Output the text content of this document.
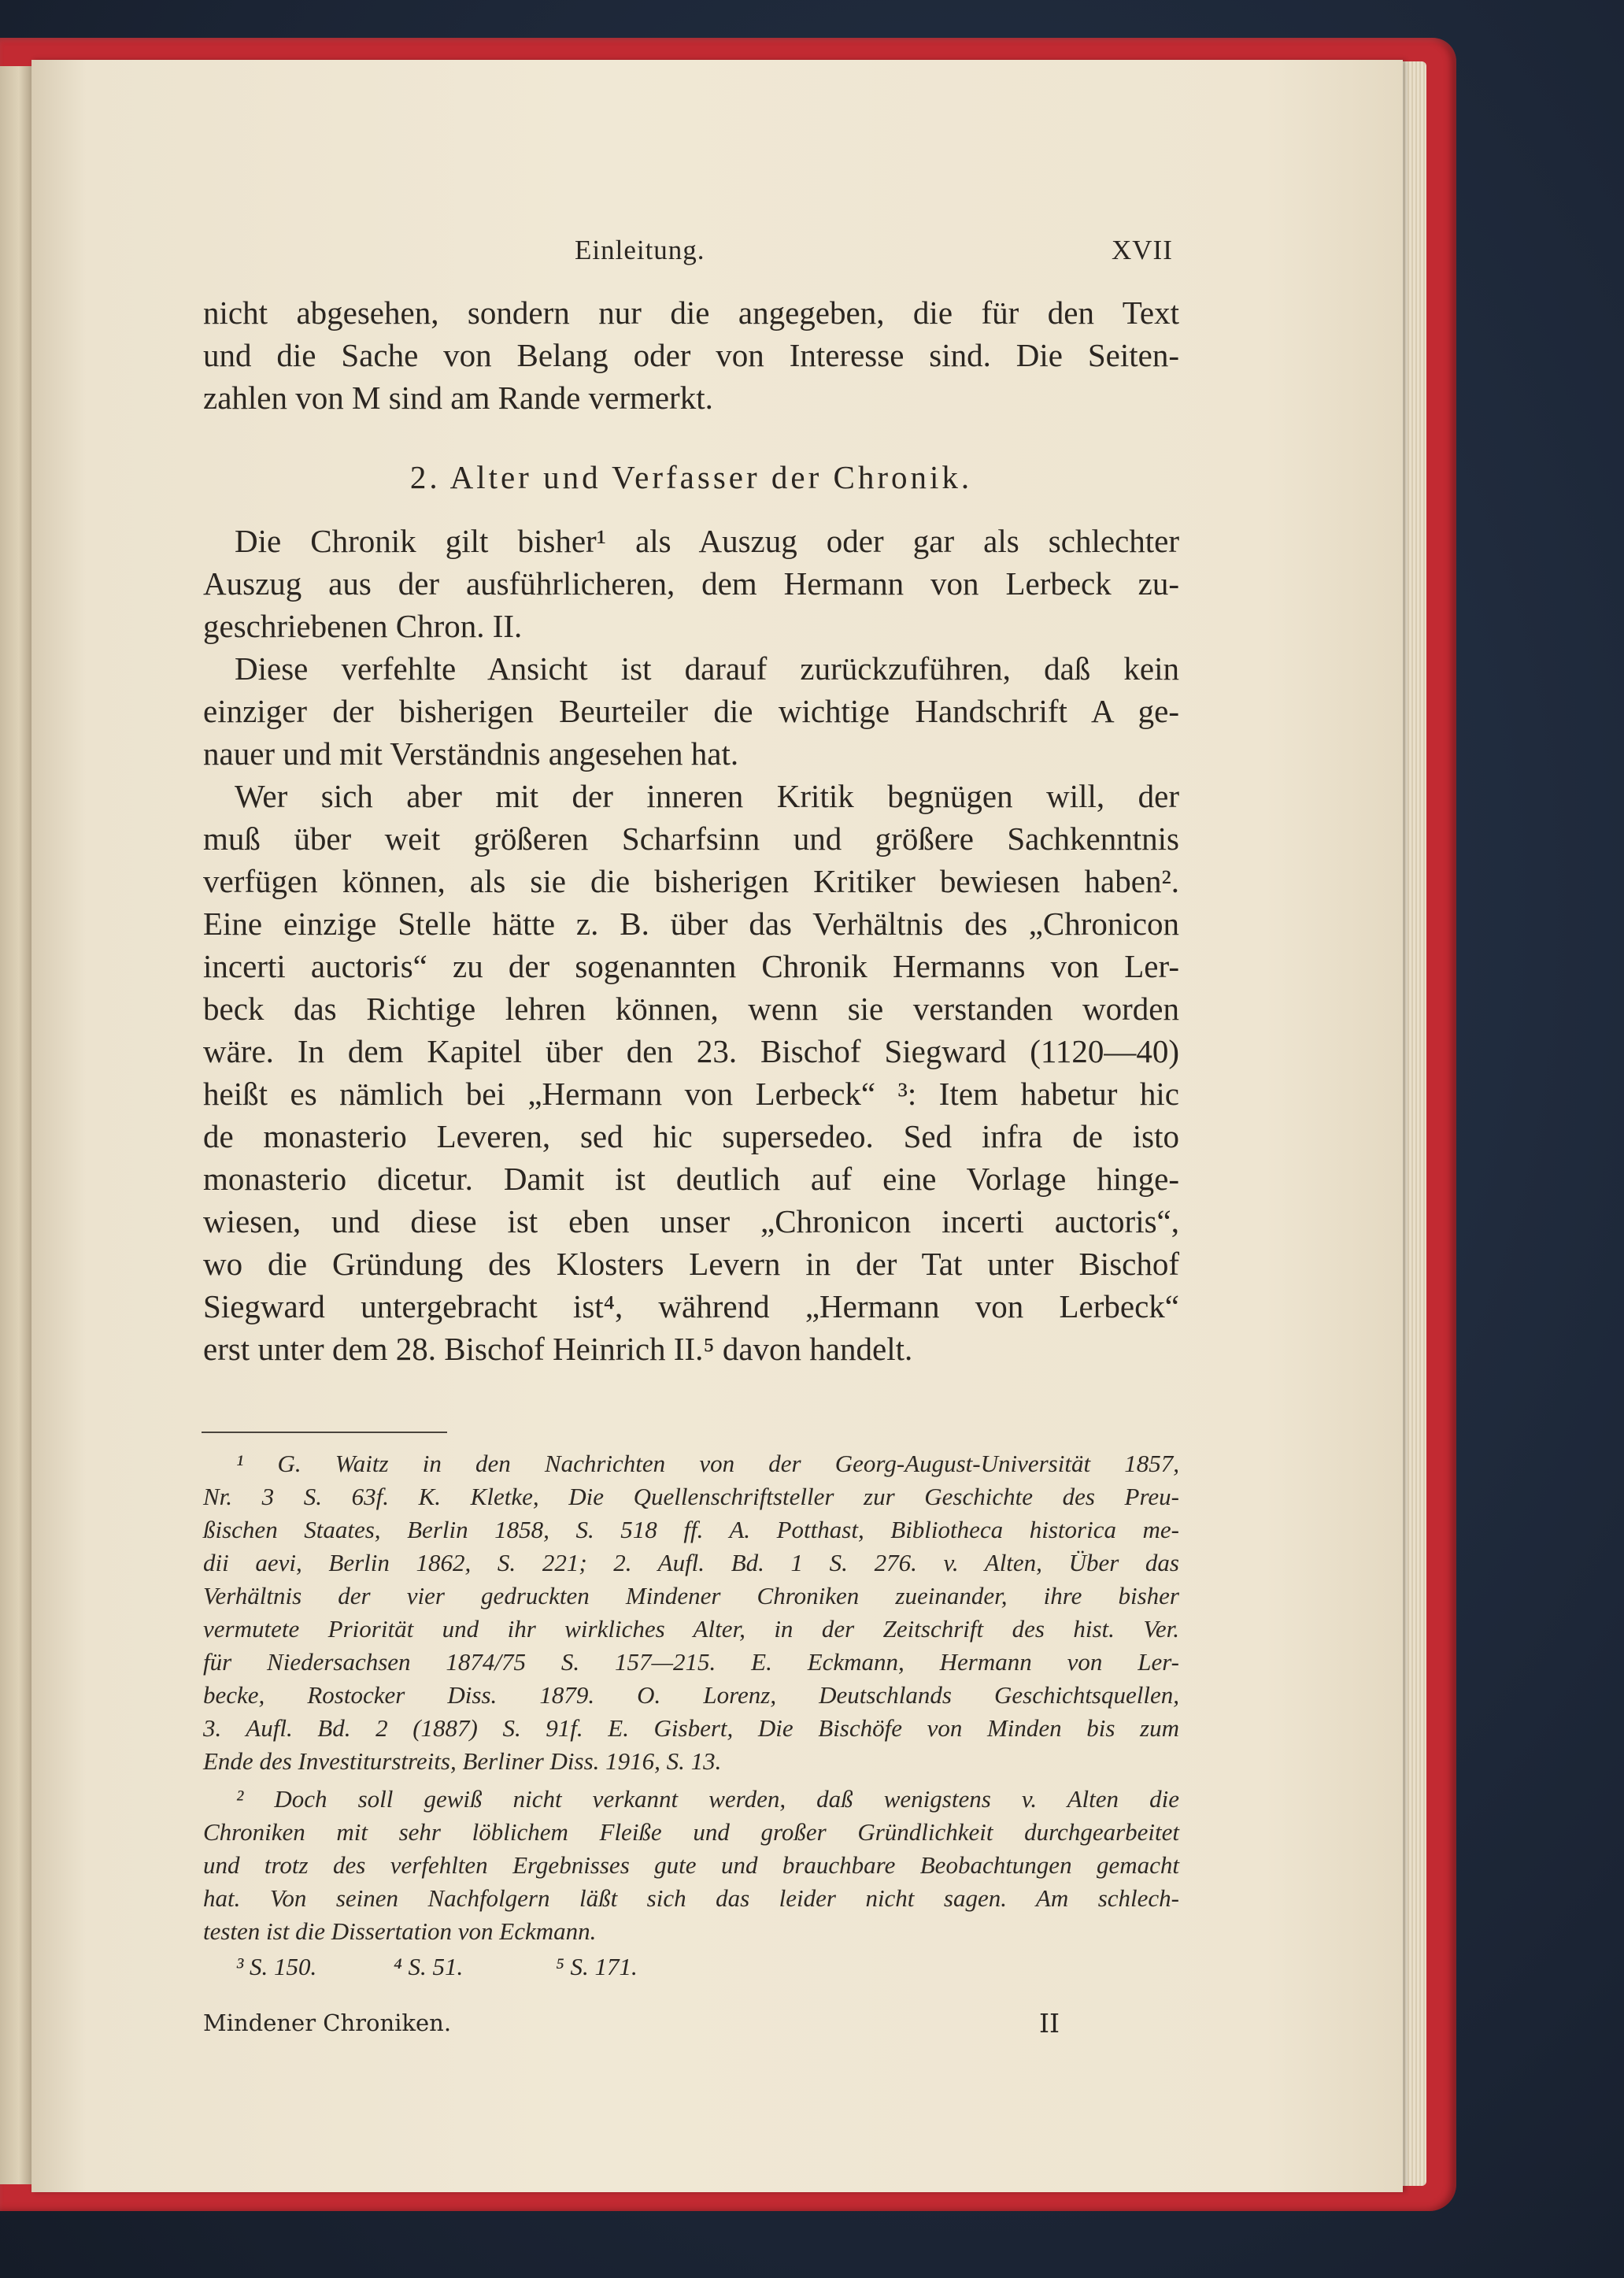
Einleitung.	XVII
nicht abgesehen, sondern nur die angegeben, die für den Text
und die Sache von Belang oder von Interesse sind. Die Seiten-
zahlen von M sind am Rande vermerkt.
2. Alter und Verfasser der Chronik.
Die Chronik gilt bisher¹ als Auszug oder gar als schlechter
Auszug aus der ausführlicheren, dem Hermann von Lerbeck zu-
geschriebenen Chron. II.
Diese verfehlte Ansicht ist darauf zurückzuführen, daß kein
einziger der bisherigen Beurteiler die wichtige Handschrift A ge-
nauer und mit Verständnis angesehen hat.
Wer sich aber mit der inneren Kritik begnügen will, der
muß über weit größeren Scharfsinn und größere Sachkenntnis
verfügen können, als sie die bisherigen Kritiker bewiesen haben².
Eine einzige Stelle hätte z. B. über das Verhältnis des „Chronicon
incerti auctoris“ zu der sogenannten Chronik Hermanns von Ler-
beck das Richtige lehren können, wenn sie verstanden worden
wäre. In dem Kapitel über den 23. Bischof Siegward (1120—40)
heißt es nämlich bei „Hermann von Lerbeck“ ³: Item habetur hic
de monasterio Leveren, sed hic supersedeo. Sed infra de isto
monasterio dicetur. Damit ist deutlich auf eine Vorlage hinge-
wiesen, und diese ist eben unser „Chronicon incerti auctoris“,
wo die Gründung des Klosters Levern in der Tat unter Bischof
Siegward untergebracht ist⁴, während „Hermann von Lerbeck“
erst unter dem 28. Bischof Heinrich II.⁵ davon handelt.
¹ G. Waitz in den Nachrichten von der Georg-August-Universität 1857,
Nr. 3 S. 63f. K. Kletke, Die Quellenschriftsteller zur Geschichte des Preu-
ßischen Staates, Berlin 1858, S. 518 ff. A. Potthast, Bibliotheca historica me-
dii aevi, Berlin 1862, S. 221; 2. Aufl. Bd. 1 S. 276. v. Alten, Über das
Verhältnis der vier gedruckten Mindener Chroniken zueinander, ihre bisher
vermutete Priorität und ihr wirkliches Alter, in der Zeitschrift des hist. Ver.
für Niedersachsen 1874/75 S. 157—215. E. Eckmann, Hermann von Ler-
becke, Rostocker Diss. 1879. O. Lorenz, Deutschlands Geschichtsquellen,
3. Aufl. Bd. 2 (1887) S. 91f. E. Gisbert, Die Bischöfe von Minden bis zum
Ende des Investiturstreits, Berliner Diss. 1916, S. 13.
² Doch soll gewiß nicht verkannt werden, daß wenigstens v. Alten die
Chroniken mit sehr löblichem Fleiße und großer Gründlichkeit durchgearbeitet
und trotz des verfehlten Ergebnisses gute und brauchbare Beobachtungen gemacht
hat. Von seinen Nachfolgern läßt sich das leider nicht sagen. Am schlech-
testen ist die Dissertation von Eckmann.
³ S. 150.	⁴ S. 51.	⁵ S. 171.
Mindener Chroniken.	II
